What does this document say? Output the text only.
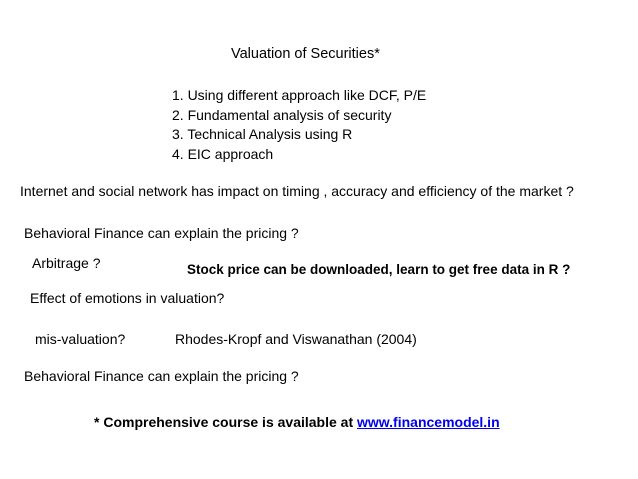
Valuation of Securities*
1. Using different approach like DCF, P/E
2. Fundamental analysis of security
3. Technical Analysis using R
4. EIC approach
Internet and social network has impact on timing , accuracy and efficiency of the market ?
Behavioral Finance can explain the pricing ?
Arbitrage ?	Stock price can be downloaded, learn to get free data in R ?
Effect of emotions in valuation?
mis-valuation?	Rhodes-Kropf and Viswanathan (2004)
Behavioral Finance can explain the pricing ?
* Comprehensive course is available at www.financemodel.in
